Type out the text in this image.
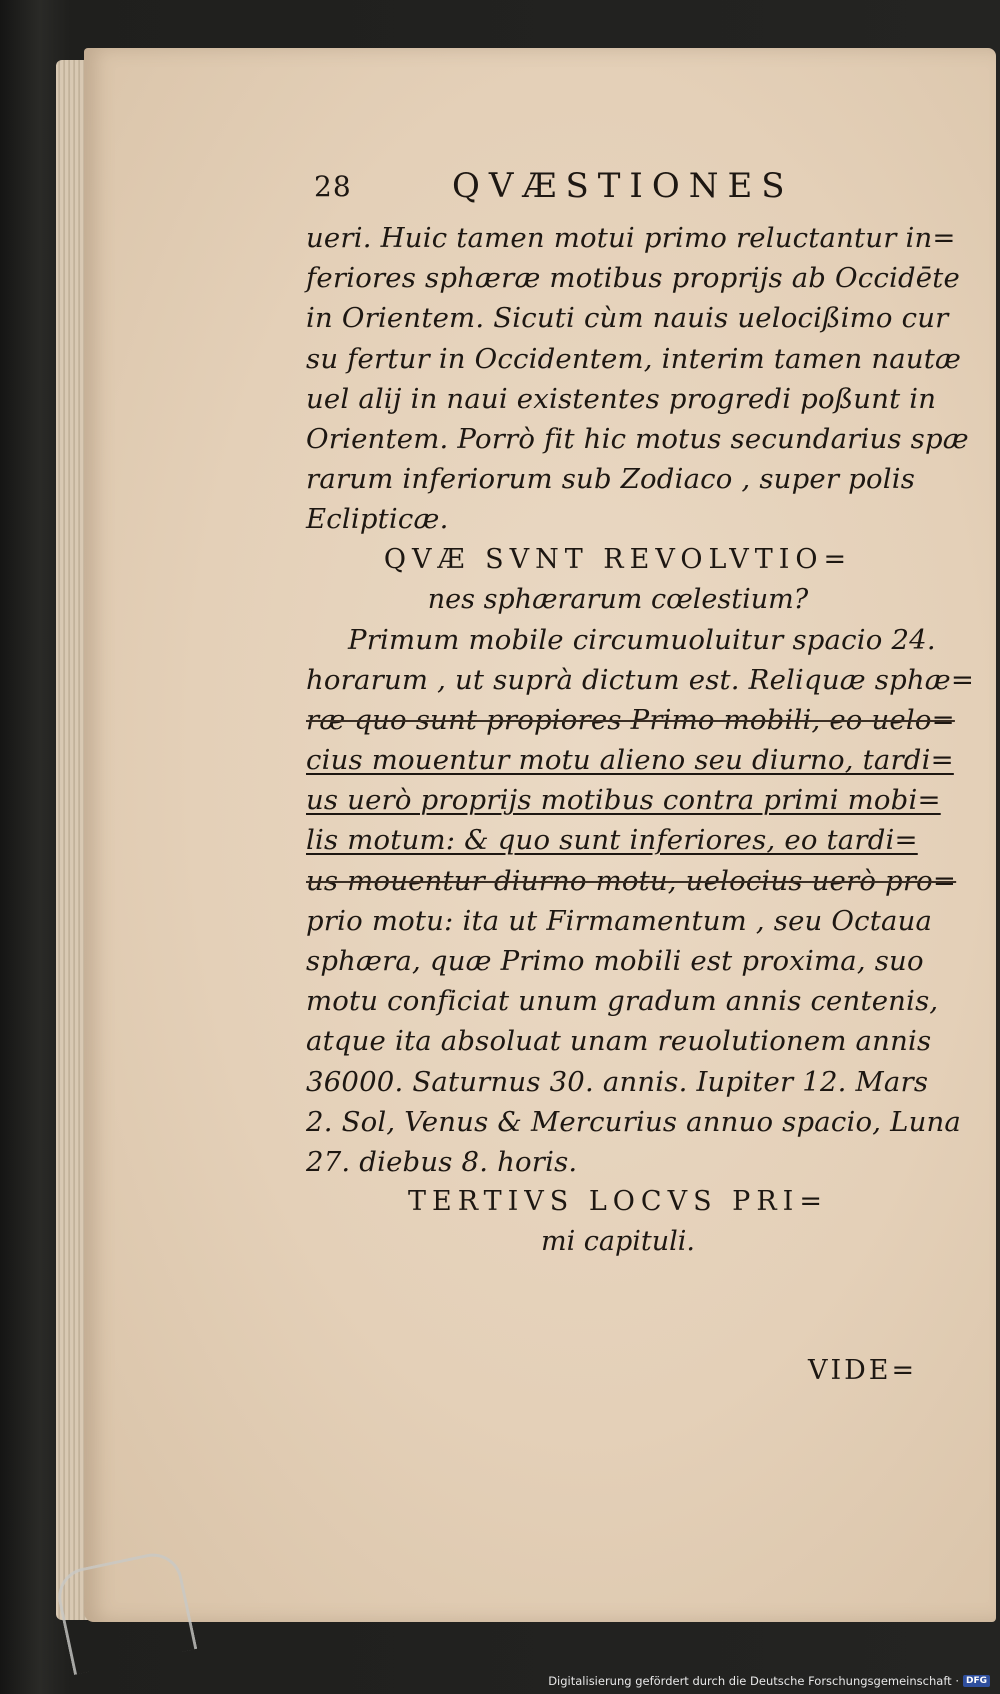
28	QVÆSTIONES
ueri. Huic tamen motui primo reluctantur in=
feriores sphæræ motibus proprijs ab Occidēte
in Orientem. Sicuti cùm nauis uelocißimo cur
su fertur in Occidentem, interim tamen nautæ
uel alij in naui existentes progredi poßunt in
Orientem. Porrò fit hic motus secundarius spæ
rarum inferiorum sub Zodiaco , super polis
Eclipticæ.
QVÆ SVNT REVOLVTIO=
nes sphærarum cœlestium?
Primum mobile circumuoluitur spacio 24.
horarum , ut suprà dictum est. Reliquæ sphæ=
ræ quo sunt propiores Primo mobili, eo uelo=
cius mouentur motu alieno seu diurno, tardi=
us uerò proprijs motibus contra primi mobi=
lis motum: & quo sunt inferiores, eo tardi=
us mouentur diurno motu, uelocius uerò pro=
prio motu: ita ut Firmamentum , seu Octaua
sphæra, quæ Primo mobili est proxima, suo
motu conficiat unum gradum annis centenis,
atque ita absoluat unam reuolutionem annis
36000. Saturnus 30. annis. Iupiter 12. Mars
2. Sol, Venus & Mercurius annuo spacio, Luna
27. diebus 8. horis.
TERTIVS LOCVS PRI=
mi capituli.
VIDE=
Digitalisierung gefördert durch die Deutsche Forschungsgemeinschaft · DFG
